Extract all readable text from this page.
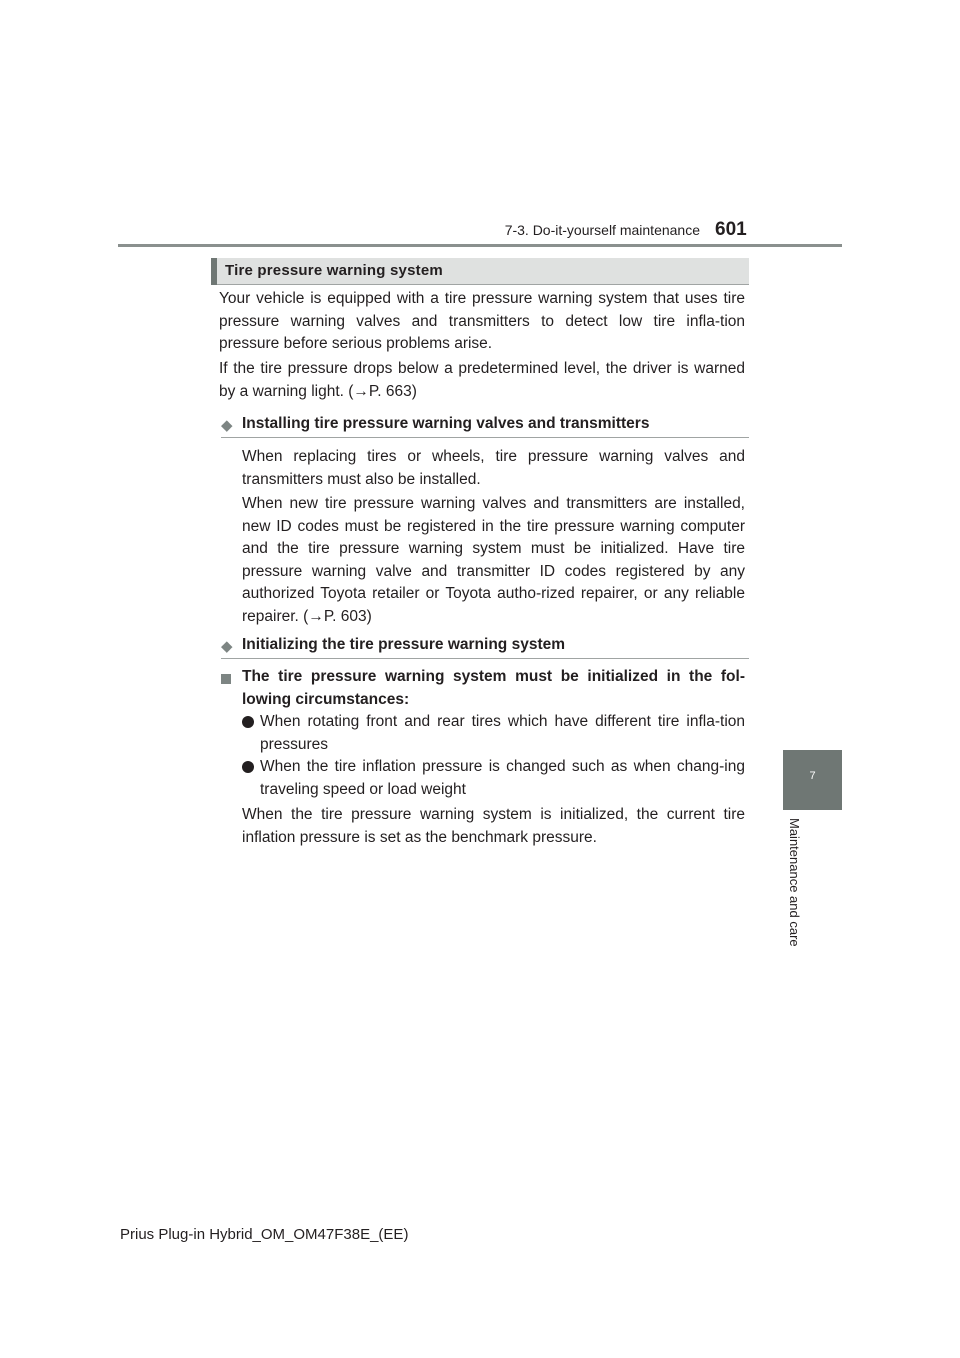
7-3. Do-it-yourself maintenance 601
7
Maintenance and care
Tire pressure warning system
Your vehicle is equipped with a tire pressure warning system that uses tire pressure warning valves and transmitters to detect low tire infla-tion pressure before serious problems arise.
If the tire pressure drops below a predetermined level, the driver is warned by a warning light. (→P. 663)
◆ Installing tire pressure warning valves and transmitters
When replacing tires or wheels, tire pressure warning valves and transmitters must also be installed.
When new tire pressure warning valves and transmitters are installed, new ID codes must be registered in the tire pressure warning computer and the tire pressure warning system must be initialized. Have tire pressure warning valve and transmitter ID codes registered by any authorized Toyota retailer or Toyota autho-rized repairer, or any reliable repairer. (→P. 603)
◆ Initializing the tire pressure warning system
The tire pressure warning system must be initialized in the fol-lowing circumstances:
When rotating front and rear tires which have different tire infla-tion pressures
When the tire inflation pressure is changed such as when chang-ing traveling speed or load weight
When the tire pressure warning system is initialized, the current tire inflation pressure is set as the benchmark pressure.
Prius Plug-in Hybrid_OM_OM47F38E_(EE)
